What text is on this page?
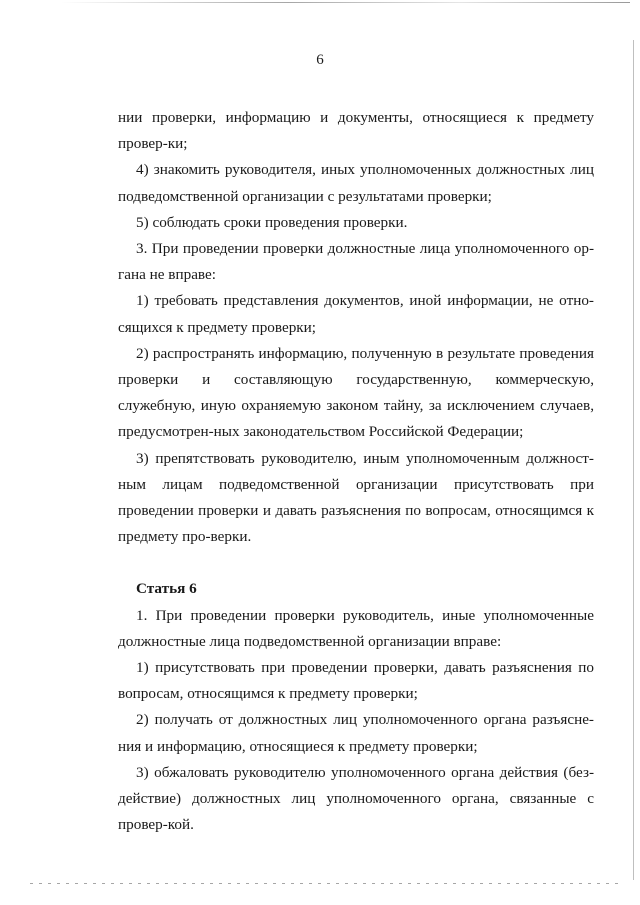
6

нии проверки, информацию и документы, относящиеся к предмету провер-ки;

4) знакомить руководителя, иных уполномоченных должностных лиц подведомственной организации с результатами проверки;

5) соблюдать сроки проведения проверки.

3. При проведении проверки должностные лица уполномоченного ор-гана не вправе:

1) требовать представления документов, иной информации, не отно-сящихся к предмету проверки;

2) распространять информацию, полученную в результате проведения проверки и составляющую государственную, коммерческую, служебную, иную охраняемую законом тайну, за исключением случаев, предусмотрен-ных законодательством Российской Федерации;

3) препятствовать руководителю, иным уполномоченным должност-ным лицам подведомственной организации присутствовать при проведении проверки и давать разъяснения по вопросам, относящимся к предмету про-верки.

Статья 6

1. При проведении проверки руководитель, иные уполномоченные должностные лица подведомственной организации вправе:

1) присутствовать при проведении проверки, давать разъяснения по вопросам, относящимся к предмету проверки;

2) получать от должностных лиц уполномоченного органа разъясне-ния и информацию, относящиеся к предмету проверки;

3) обжаловать руководителю уполномоченного органа действия (без-действие) должностных лиц уполномоченного органа, связанные с провер-кой.
